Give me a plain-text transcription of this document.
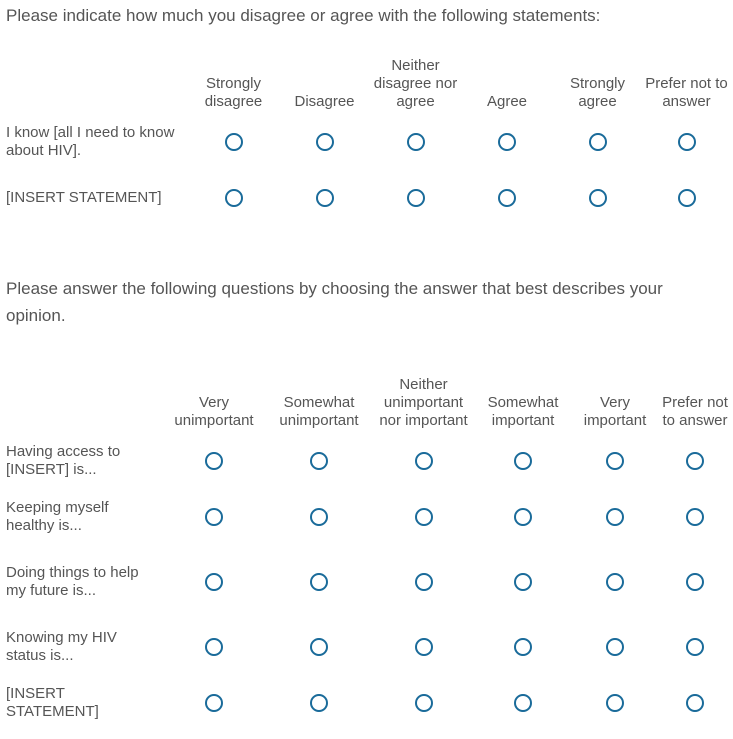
Please indicate how much you disagree or agree with the following statements:

	Strongly disagree	Disagree	Neither disagree nor agree	Agree	Strongly agree	Prefer not to answer
I know [all I need to know about HIV].						
[INSERT STATEMENT]						

Please answer the following questions by choosing the answer that best describes your opinion.

	Very unimportant	Somewhat unimportant	Neither unimportant nor important	Somewhat important	Very important	Prefer not to answer
Having access to [INSERT] is...						
Keeping myself healthy is...						
Doing things to help my future is...						
Knowing my HIV status is...						
[INSERT STATEMENT]						
